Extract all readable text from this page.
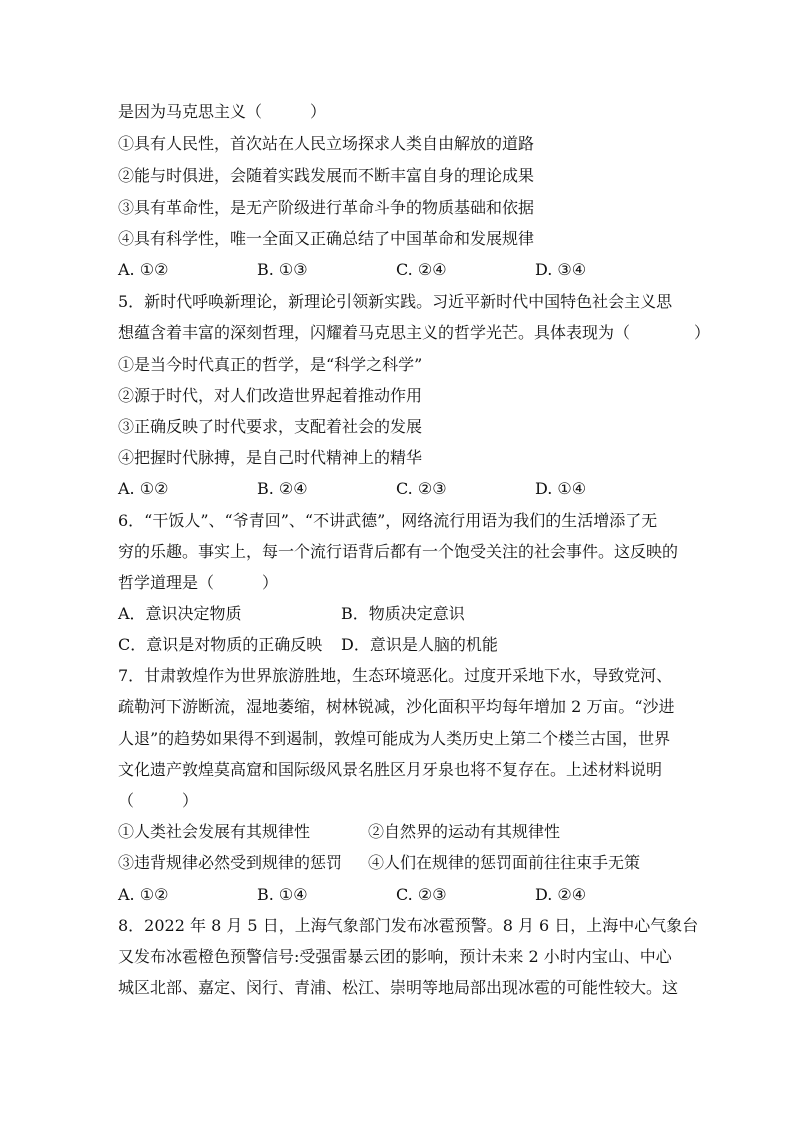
是因为马克思主义（　　　）
①具有人民性，首次站在人民立场探求人类自由解放的道路
②能与时俱进，会随着实践发展而不断丰富自身的理论成果
③具有革命性，是无产阶级进行革命斗争的物质基础和依据
④具有科学性，唯一全面又正确总结了中国革命和发展规律
A. ①②	B. ①③	C. ②④	D. ③④
5．新时代呼唤新理论，新理论引领新实践。习近平新时代中国特色社会主义思
想蕴含着丰富的深刻哲理，闪耀着马克思主义的哲学光芒。具体表现为（　　　　）
①是当今时代真正的哲学，是“科学之科学”
②源于时代，对人们改造世界起着推动作用
③正确反映了时代要求，支配着社会的发展
④把握时代脉搏，是自己时代精神上的精华
A. ①②	B. ②④	C. ②③	D. ①④
6．“干饭人”、“爷青回”、“不讲武德”，网络流行用语为我们的生活增添了无
穷的乐趣。事实上，每一个流行语背后都有一个饱受关注的社会事件。这反映的
哲学道理是（　　　）
A．意识决定物质	B．物质决定意识
C．意识是对物质的正确反映 D．意识是人脑的机能
7．甘肃敦煌作为世界旅游胜地，生态环境恶化。过度开采地下水，导致党河、
疏勒河下游断流，湿地萎缩，树林锐减，沙化面积平均每年增加 2 万亩。“沙进
人退”的趋势如果得不到遏制，敦煌可能成为人类历史上第二个楼兰古国，世界
文化遗产敦煌莫高窟和国际级风景名胜区月牙泉也将不复存在。上述材料说明
（　　　）
①人类社会发展有其规律性	②自然界的运动有其规律性
③违背规律必然受到规律的惩罚 ④人们在规律的惩罚面前往往束手无策
A. ①②	B. ①④	C. ②③	D. ②④
8．2022 年 8 月 5 日，上海气象部门发布冰雹预警。8 月 6 日，上海中心气象台
又发布冰雹橙色预警信号:受强雷暴云团的影响，预计未来 2 小时内宝山、中心
城区北部、嘉定、闵行、青浦、松江、崇明等地局部出现冰雹的可能性较大。这
